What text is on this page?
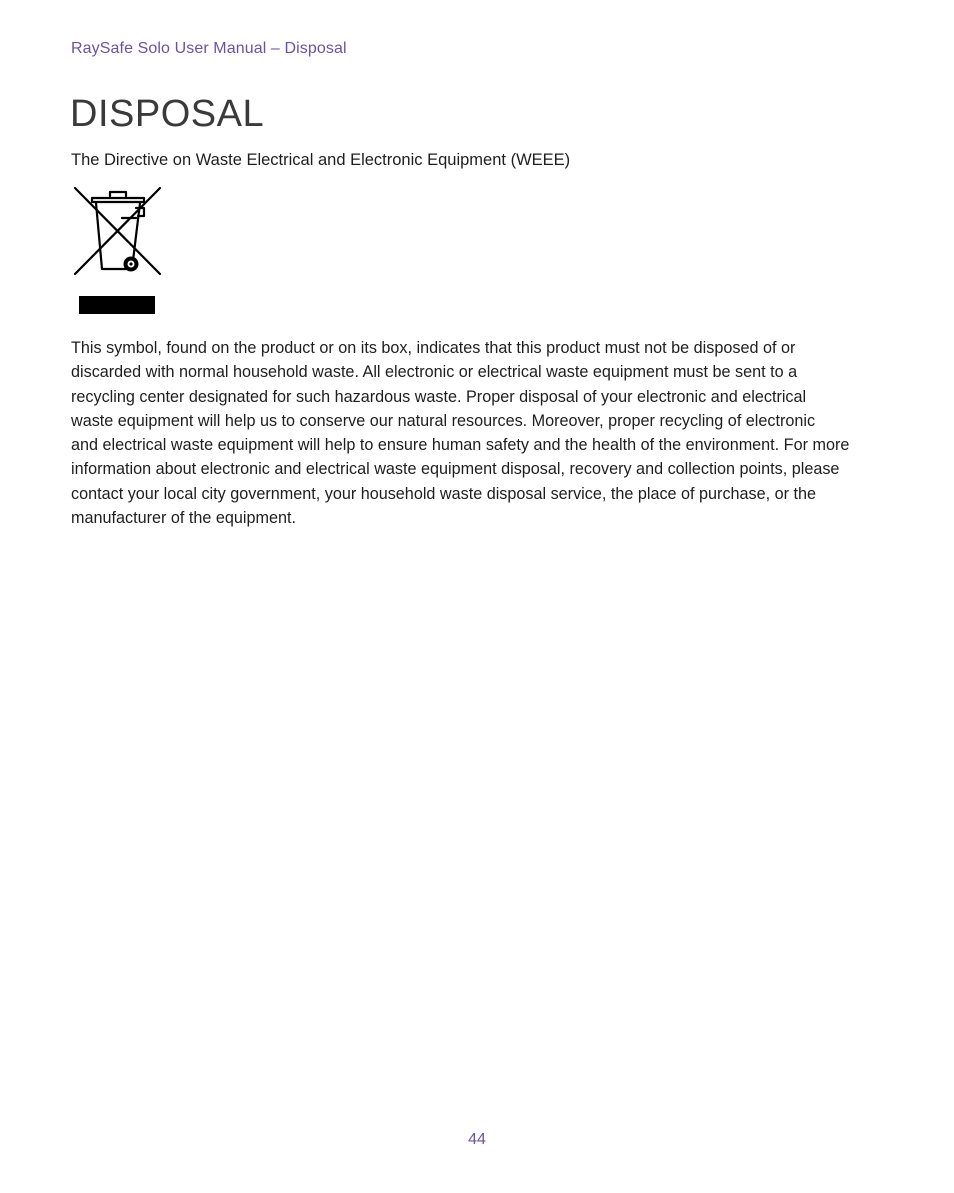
RaySafe Solo User Manual – Disposal
DISPOSAL
The Directive on Waste Electrical and Electronic Equipment (WEEE)

This symbol, found on the product or on its box, indicates that this product must not be disposed of or
discarded with normal household waste. All electronic or electrical waste equipment must be sent to a
recycling center designated for such hazardous waste. Proper disposal of your electronic and electrical
waste equipment will help us to conserve our natural resources. Moreover, proper recycling of electronic
and electrical waste equipment will help to ensure human safety and the health of the environment. For more
information about electronic and electrical waste equipment disposal, recovery and collection points, please
contact your local city government, your household waste disposal service, the place of purchase, or the
manufacturer of the equipment.

44
